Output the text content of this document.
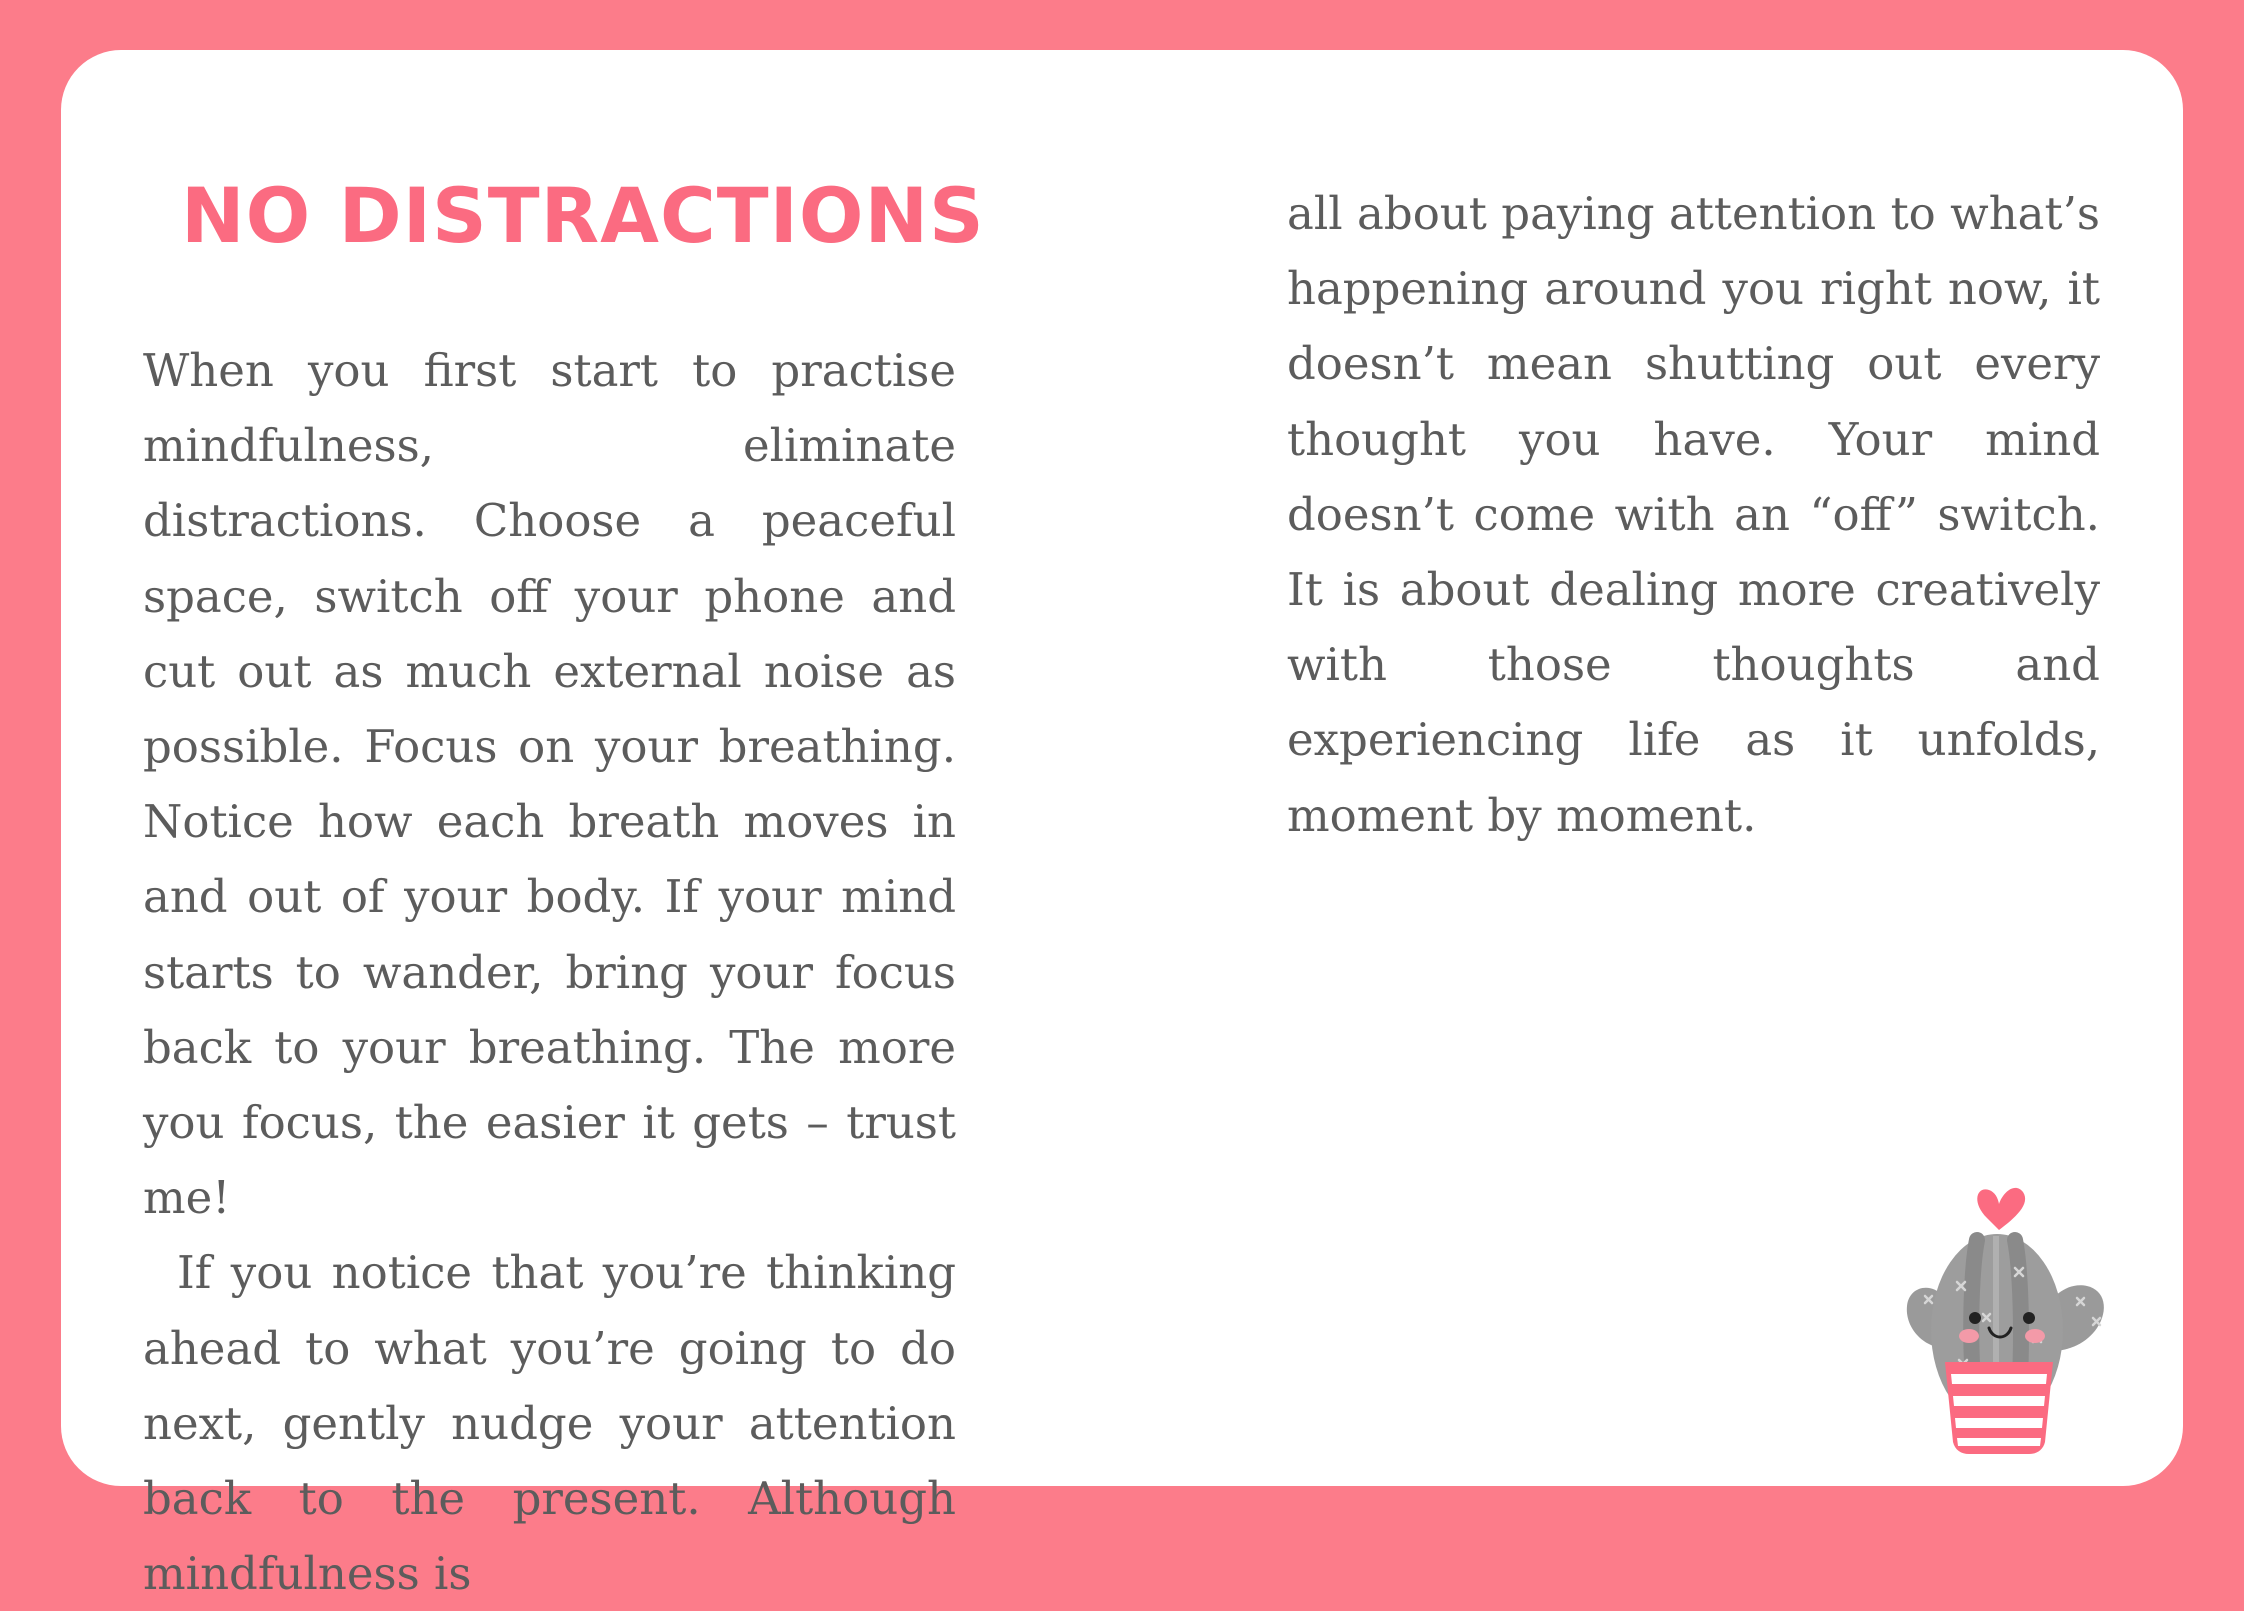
NO DISTRACTIONS

When you first start to practise mindfulness, eliminate distractions. Choose a peaceful space, switch off your phone and cut out as much external noise as possible. Focus on your breathing. Notice how each breath moves in and out of your body. If your mind starts to wander, bring your focus back to your breathing. The more you focus, the easier it gets – trust me!

If you notice that you’re thinking ahead to what you’re going to do next, gently nudge your attention back to the present. Although mindfulness is

all about paying attention to what’s happening around you right now, it doesn’t mean shutting out every thought you have. Your mind doesn’t come with an “off” switch. It is about dealing more creatively with those thoughts and experiencing life as it unfolds, moment by moment.
